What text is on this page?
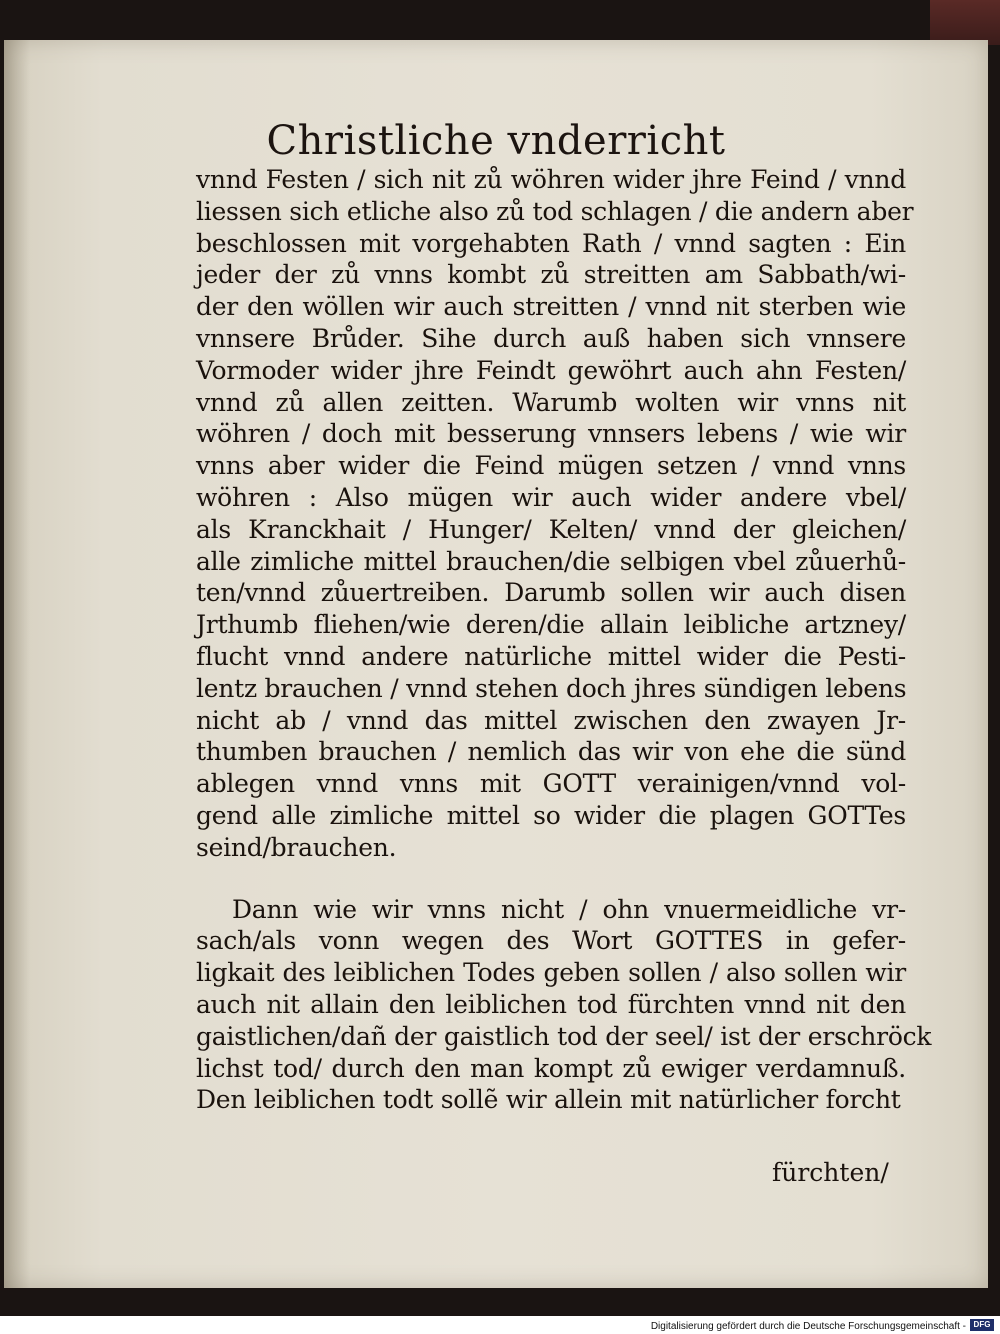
Christliche vnderricht
vnnd Festen / sich nit zů wöhren wider jhre Feind / vnnd
liessen sich etliche also zů tod schlagen / die andern aber
beschlossen mit vorgehabten Rath / vnnd sagten : Ein
jeder der zů vnns kombt zů streitten am Sabbath/wi-
der den wöllen wir auch streitten / vnnd nit sterben wie
vnnsere Brůder. Sihe durch auß haben sich vnnsere
Vormoder wider jhre Feindt gewöhrt auch ahn Festen/
vnnd zů allen zeitten. Warumb wolten wir vnns nit
wöhren / doch mit besserung vnnsers lebens / wie wir
vnns aber wider die Feind mügen setzen / vnnd vnns
wöhren : Also mügen wir auch wider andere vbel/
als Kranckhait / Hunger/ Kelten/ vnnd der gleichen/
alle zimliche mittel brauchen/die selbigen vbel zůuerhů-
ten/vnnd zůuertreiben. Darumb sollen wir auch disen
Jrthumb fliehen/wie deren/die allain leibliche artzney/
flucht vnnd andere natürliche mittel wider die Pesti-
lentz brauchen / vnnd stehen doch jhres sündigen lebens
nicht ab / vnnd das mittel zwischen den zwayen Jr-
thumben brauchen / nemlich das wir von ehe die sünd
ablegen vnnd vnns mit GOTT verainigen/vnnd vol-
gend alle zimliche mittel so wider die plagen GOTTes
seind/brauchen.
Dann wie wir vnns nicht / ohn vnuermeidliche vr-
sach/als vonn wegen des Wort GOTTES in gefer-
ligkait des leiblichen Todes geben sollen / also sollen wir
auch nit allain den leiblichen tod fürchten vnnd nit den
gaistlichen/dañ der gaistlich tod der seel/ ist der erschröck
lichst tod/ durch den man kompt zů ewiger verdamnuß.
Den leiblichen todt sollẽ wir allein mit natürlicher forcht
fürchten/
Digitalisierung gefördert durch die Deutsche Forschungsgemeinschaft - DFG
